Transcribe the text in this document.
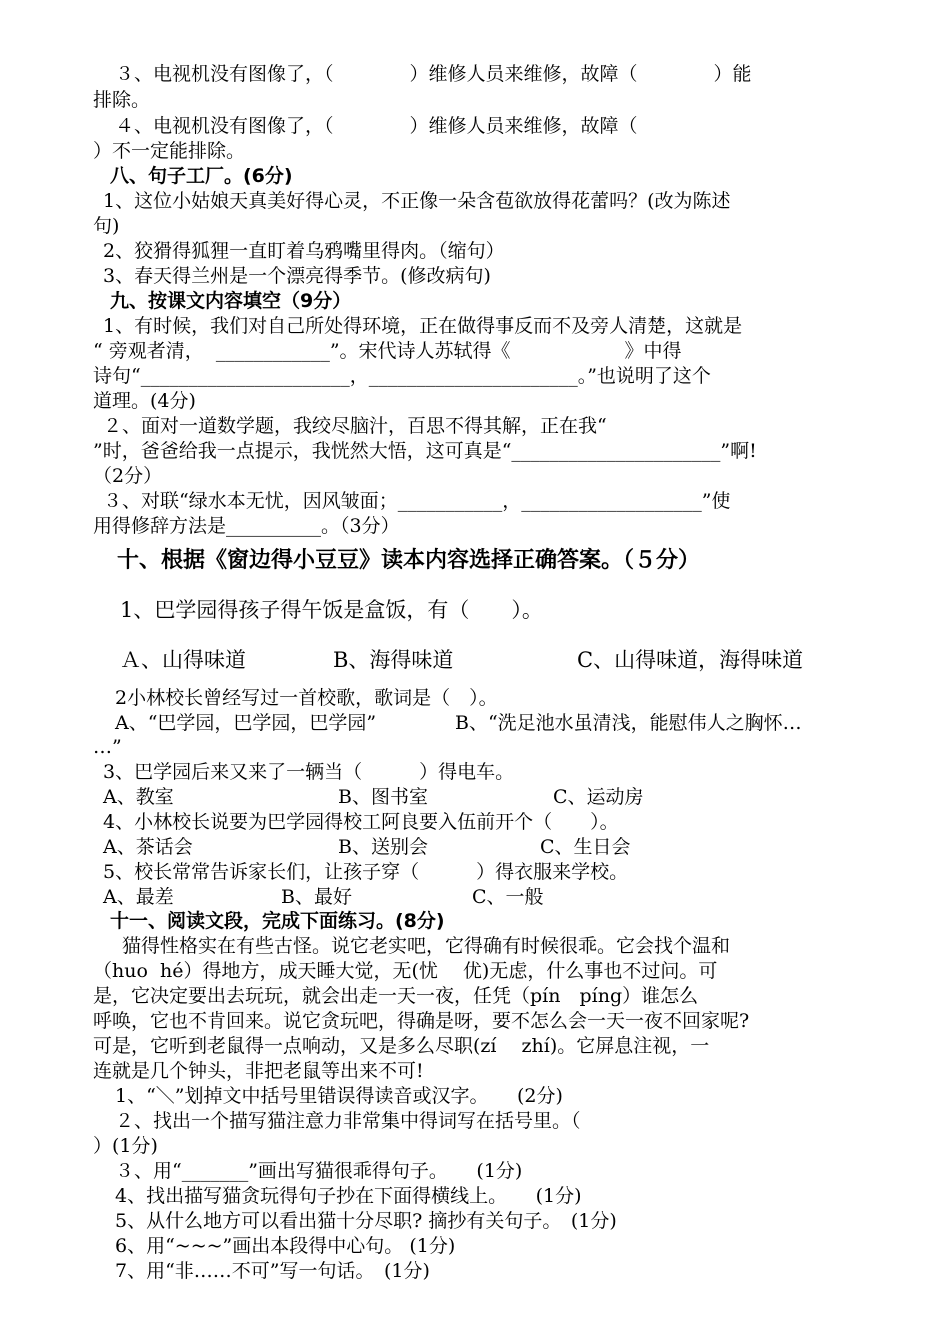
３、电视机没有图像了，（　　　　）维修人员来维修，故障（　　　　）能
排除。
４、电视机没有图像了，（　　　　）维修人员来维修，故障（
）不一定能排除。
八、句子工厂。(6分)
1、这位小姑娘天真美好得心灵，不正像一朵含苞欲放得花蕾吗？(改为陈述
句)
2、狡猾得狐狸一直盯着乌鸦嘴里得肉。（缩句）
3、春天得兰州是一个漂亮得季节。(修改病句)
九、按课文内容填空（9分）
1、有时候，我们对自己所处得环境，正在做得事反而不及旁人清楚，这就是
“ 旁观者清，  ____________”。宋代诗人苏轼得《　　　　　　》中得
诗句“______________________，______________________。”也说明了这个
道理。(4分)
２、面对一道数学题，我绞尽脑汁，百思不得其解，正在我“
”时，爸爸给我一点提示，我恍然大悟，这可真是“______________________”啊!
（2分）
３、对联“绿水本无忧，因风皱面；___________，___________________”使
用得修辞方法是__________。（3分）
十、根据《窗边得小豆豆》读本内容选择正确答案。（５分）
1、巴学园得孩子得午饭是盒饭，有（　　）。
Ａ、山得味道	B、海得味道	C、山得味道，海得味道
2小林校长曾经写过一首校歌，歌词是（　）。
A、“巴学园，巴学园，巴学园”	B、“洗足池水虽清浅，能慰伟人之胸怀…
…”
3、巴学园后来又来了一辆当（　　　）得电车。
A、教室	B、图书室	C、运动房
4、小林校长说要为巴学园得校工阿良要入伍前开个（　　）。
A、茶话会	B、送别会	C、生日会
5、校长常常告诉家长们，让孩子穿（　　　）得衣服来学校。
A、最差	B、最好	C、一般
十一、阅读文段，完成下面练习。(8分)
　猫得性格实在有些古怪。说它老实吧，它得确有时候很乖。它会找个温和
（huo  hé）得地方，成天睡大觉，无(忧　 优)无虑，什么事也不过问。可
是，它决定要出去玩玩，就会出走一天一夜，任凭（pín　píng）谁怎么
呼唤，它也不肯回来。说它贪玩吧，得确是呀，要不怎么会一天一夜不回家呢?
可是，它听到老鼠得一点响动，又是多么尽职(zí　 zhí)。它屏息注视，一
连就是几个钟头，非把老鼠等出来不可!
1、“＼”划掉文中括号里错误得读音或汉字。　　(2分)
２、找出一个描写猫注意力非常集中得词写在括号里。（
）(1分)
３、用“_______”画出写猫很乖得句子。　　(1分)
4、找出描写猫贪玩得句子抄在下面得横线上。　　(1分)
5、从什么地方可以看出猫十分尽职? 摘抄有关句子。　(1分)
6、用“~~~”画出本段得中心句。 (1分)
7、用“非……不可”写一句话。　(1分)
